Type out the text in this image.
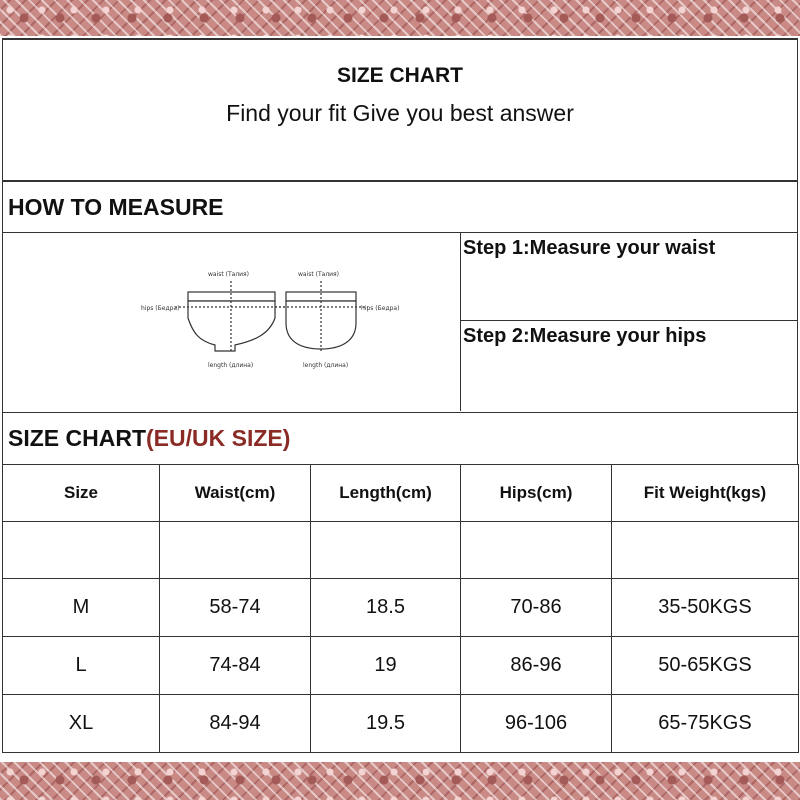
SIZE CHART
Find your fit Give you best answer
HOW TO MEASURE
waist (Талия)	waist (Талия)
hips (Бедра)	hips (Бедра)
length (длина)	length (длина)
Step 1:Measure your waist
Step 2:Measure your hips
SIZE CHART(EU/UK SIZE)
Size	Waist(cm)	Length(cm)	Hips(cm)	Fit Weight(kgs)

M	58-74	18.5	70-86	35-50KGS
L	74-84	19	86-96	50-65KGS
XL	84-94	19.5	96-106	65-75KGS
